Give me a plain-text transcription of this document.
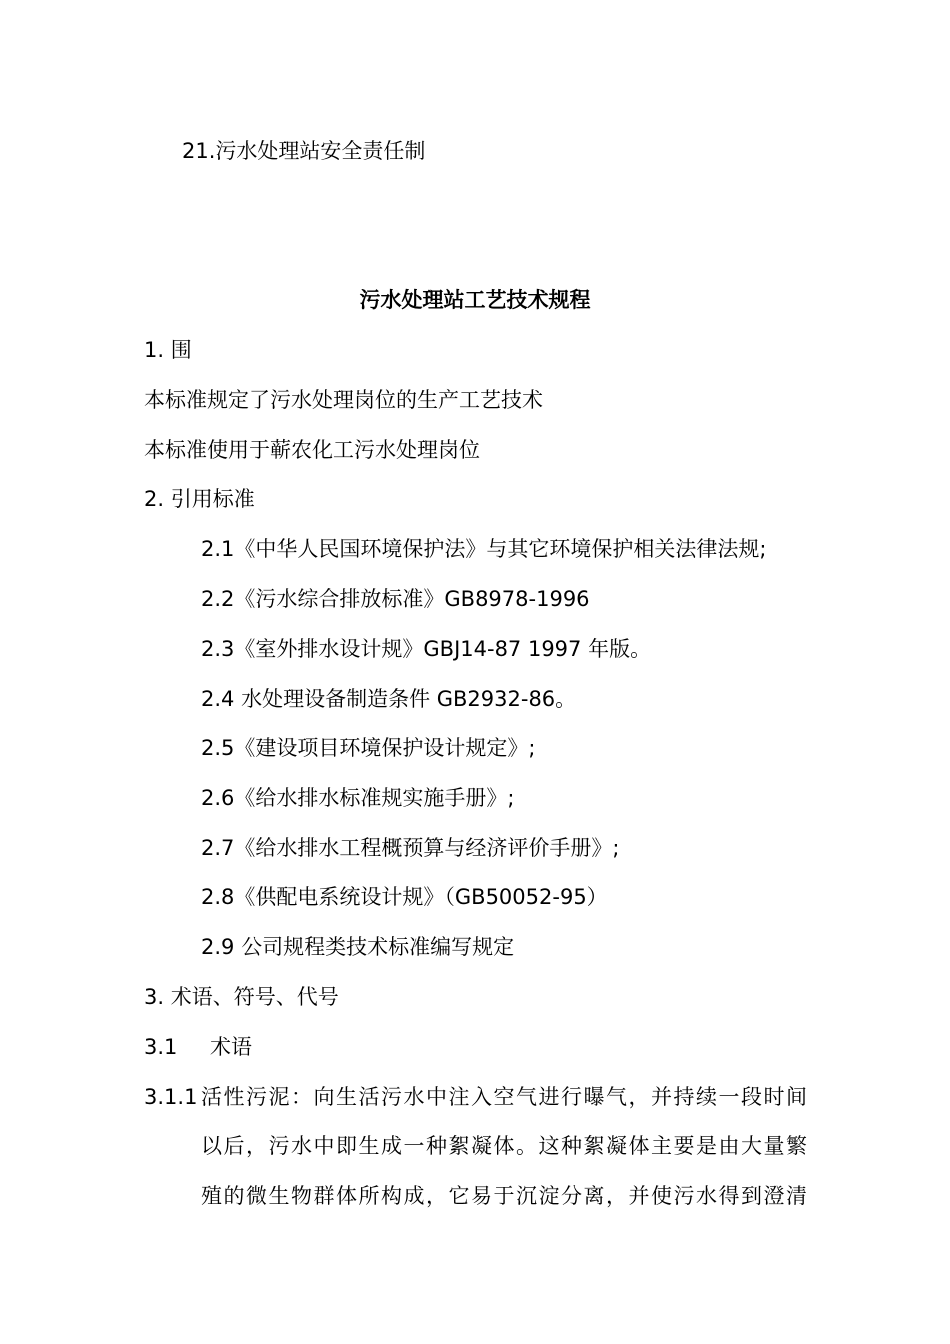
21.污水处理站安全责任制
污水处理站工艺技术规程
1. 围
本标准规定了污水处理岗位的生产工艺技术
本标准使用于蕲农化工污水处理岗位
2. 引用标准
2.1《中华人民国环境保护法》与其它环境保护相关法律法规;
2.2《污水综合排放标准》GB8978-1996
2.3《室外排水设计规》GBJ14-87 1997 年版。
2.4 水处理设备制造条件 GB2932-86。
2.5《建设项目环境保护设计规定》;
2.6《给水排水标准规实施手册》;
2.7《给水排水工程概预算与经济评价手册》;
2.8《供配电系统设计规》（GB50052-95）
2.9 公司规程类技术标准编写规定
3. 术语、符号、代号
3.1 术语
3.1.1 活性污泥：向生活污水中注入空气进行曝气，并持续一段时间
以后，污水中即生成一种絮凝体。这种絮凝体主要是由大量繁
殖的微生物群体所构成，它易于沉淀分离，并使污水得到澄清
